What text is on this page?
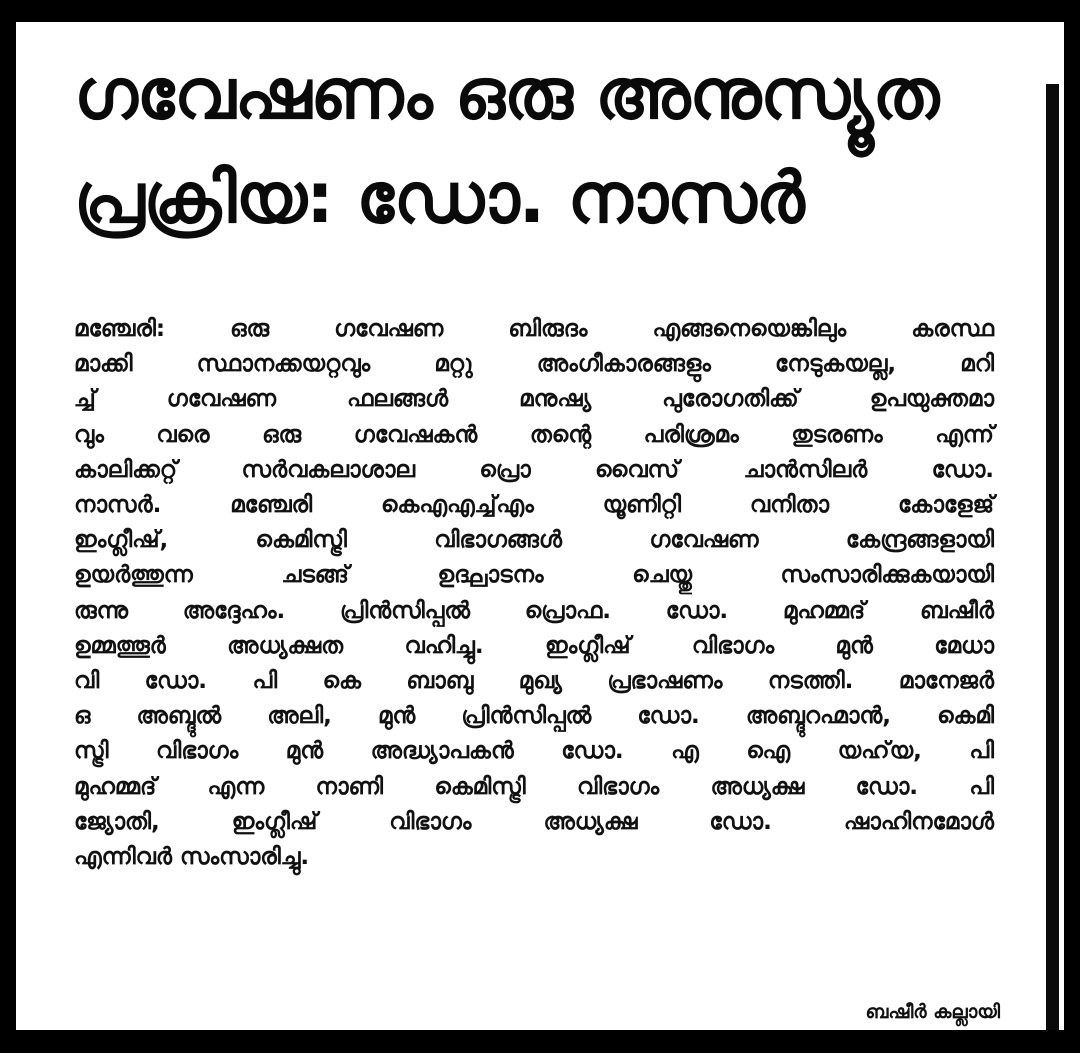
ഗവേഷണം ഒരു അനുസ്യൂത
പ്രക്രിയ: ഡോ. നാസർ
മഞ്ചേരി: ഒരു ഗവേഷണ ബിരുദം എങ്ങനെയെങ്കിലും കരസ്ഥ
മാക്കി സ്ഥാനക്കയറ്റവും മറ്റു അംഗീകാരങ്ങളും നേടുകയല്ല, മറി
ച്ച് ഗവേഷണ ഫലങ്ങൾ മനുഷ്യ പുരോഗതിക്ക് ഉപയുക്തമാ
വും വരെ ഒരു ഗവേഷകൻ തന്റെ പരിശ്രമം തുടരണം എന്ന്
കാലിക്കറ്റ് സർവകലാശാല പ്രൊ വൈസ് ചാൻസിലർ ഡോ.
നാസർ. മഞ്ചേരി കെഎഎച്ച്എം യൂണിറ്റി വനിതാ കോളേജ്
ഇംഗ്ലീഷ്, കെമിസ്ട്രി വിഭാഗങ്ങൾ ഗവേഷണ കേന്ദ്രങ്ങളായി
ഉയർത്തുന്ന ചടങ്ങ് ഉദ്ഘാടനം ചെയ്തു സംസാരിക്കുകയായി
രുന്നു അദ്ദേഹം. പ്രിൻസിപ്പൽ പ്രൊഫ. ഡോ. മുഹമ്മദ് ബഷീർ
ഉമ്മത്തൂർ അധ്യക്ഷത വഹിച്ചു. ഇംഗ്ലീഷ് വിഭാഗം മുൻ മേധാ
വി ഡോ. പി കെ ബാബു മുഖ്യ പ്രഭാഷണം നടത്തി. മാനേജർ
ഒ അബ്ദുൽ അലി, മുൻ പ്രിൻസിപ്പൽ ഡോ. അബ്ദുറഹ്മാൻ, കെമി
സ്ട്രി വിഭാഗം മുൻ അദ്ധ്യാപകൻ ഡോ. എ ഐ യഹ്‌യ, പി
മുഹമ്മദ് എന്ന നാണി കെമിസ്ട്രി വിഭാഗം അധ്യക്ഷ ഡോ. പി
ജ്യോതി, ഇംഗ്ലീഷ് വിഭാഗം അധ്യക്ഷ ഡോ. ഷാഹിനമോൾ
എന്നിവർ സംസാരിച്ചു.
ബഷീർ കല്ലായി
